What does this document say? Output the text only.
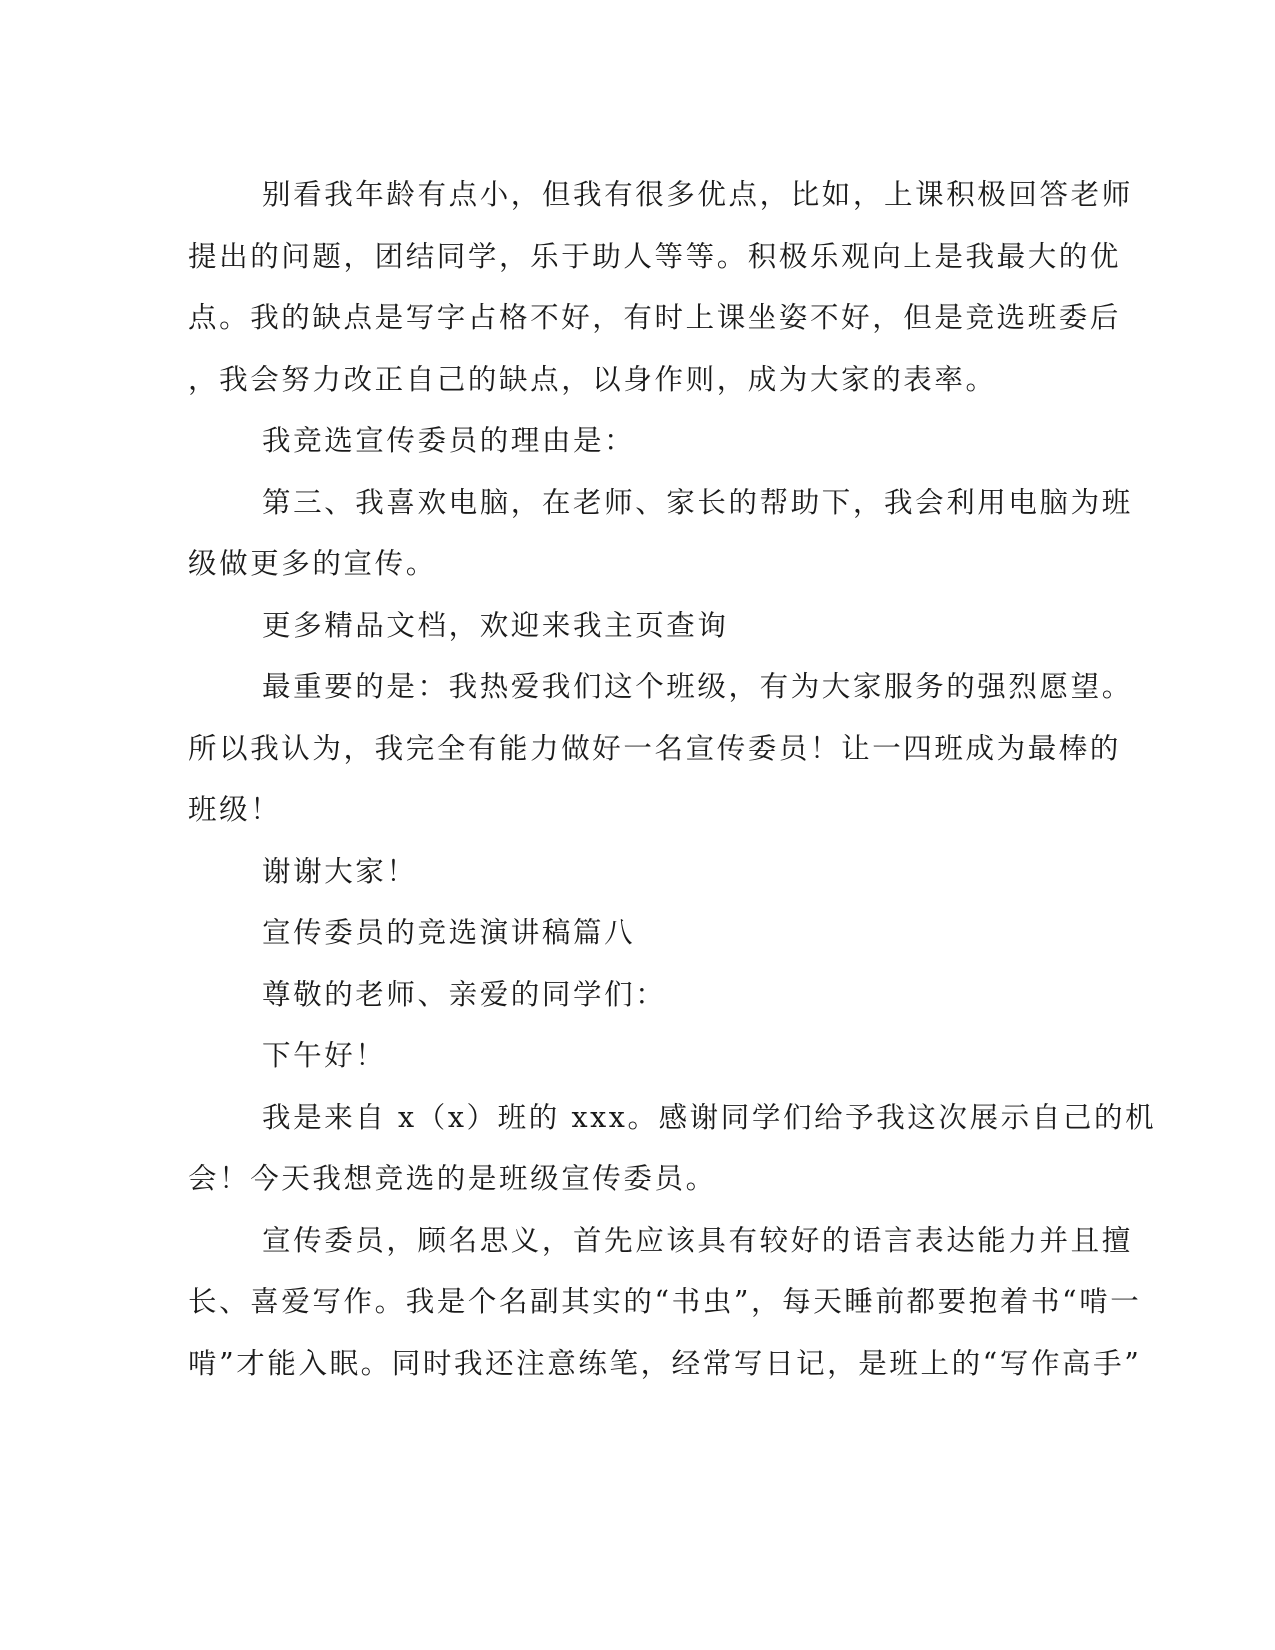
别看我年龄有点小，但我有很多优点，比如，上课积极回答老师
提出的问题，团结同学，乐于助人等等。积极乐观向上是我最大的优
点。我的缺点是写字占格不好，有时上课坐姿不好，但是竞选班委后
，我会努力改正自己的缺点，以身作则，成为大家的表率。
我竞选宣传委员的理由是：
第三、我喜欢电脑，在老师、家长的帮助下，我会利用电脑为班
级做更多的宣传。
更多精品文档，欢迎来我主页查询
最重要的是：我热爱我们这个班级，有为大家服务的强烈愿望。
所以我认为，我完全有能力做好一名宣传委员！让一四班成为最棒的
班级！
谢谢大家！
宣传委员的竞选演讲稿篇八
尊敬的老师、亲爱的同学们：
下午好！
我是来自 x（x）班的 xxx。感谢同学们给予我这次展示自己的机
会！今天我想竞选的是班级宣传委员。
宣传委员，顾名思义，首先应该具有较好的语言表达能力并且擅
长、喜爱写作。我是个名副其实的“书虫”，每天睡前都要抱着书“啃一
啃”才能入眠。同时我还注意练笔，经常写日记，是班上的“写作高手”
